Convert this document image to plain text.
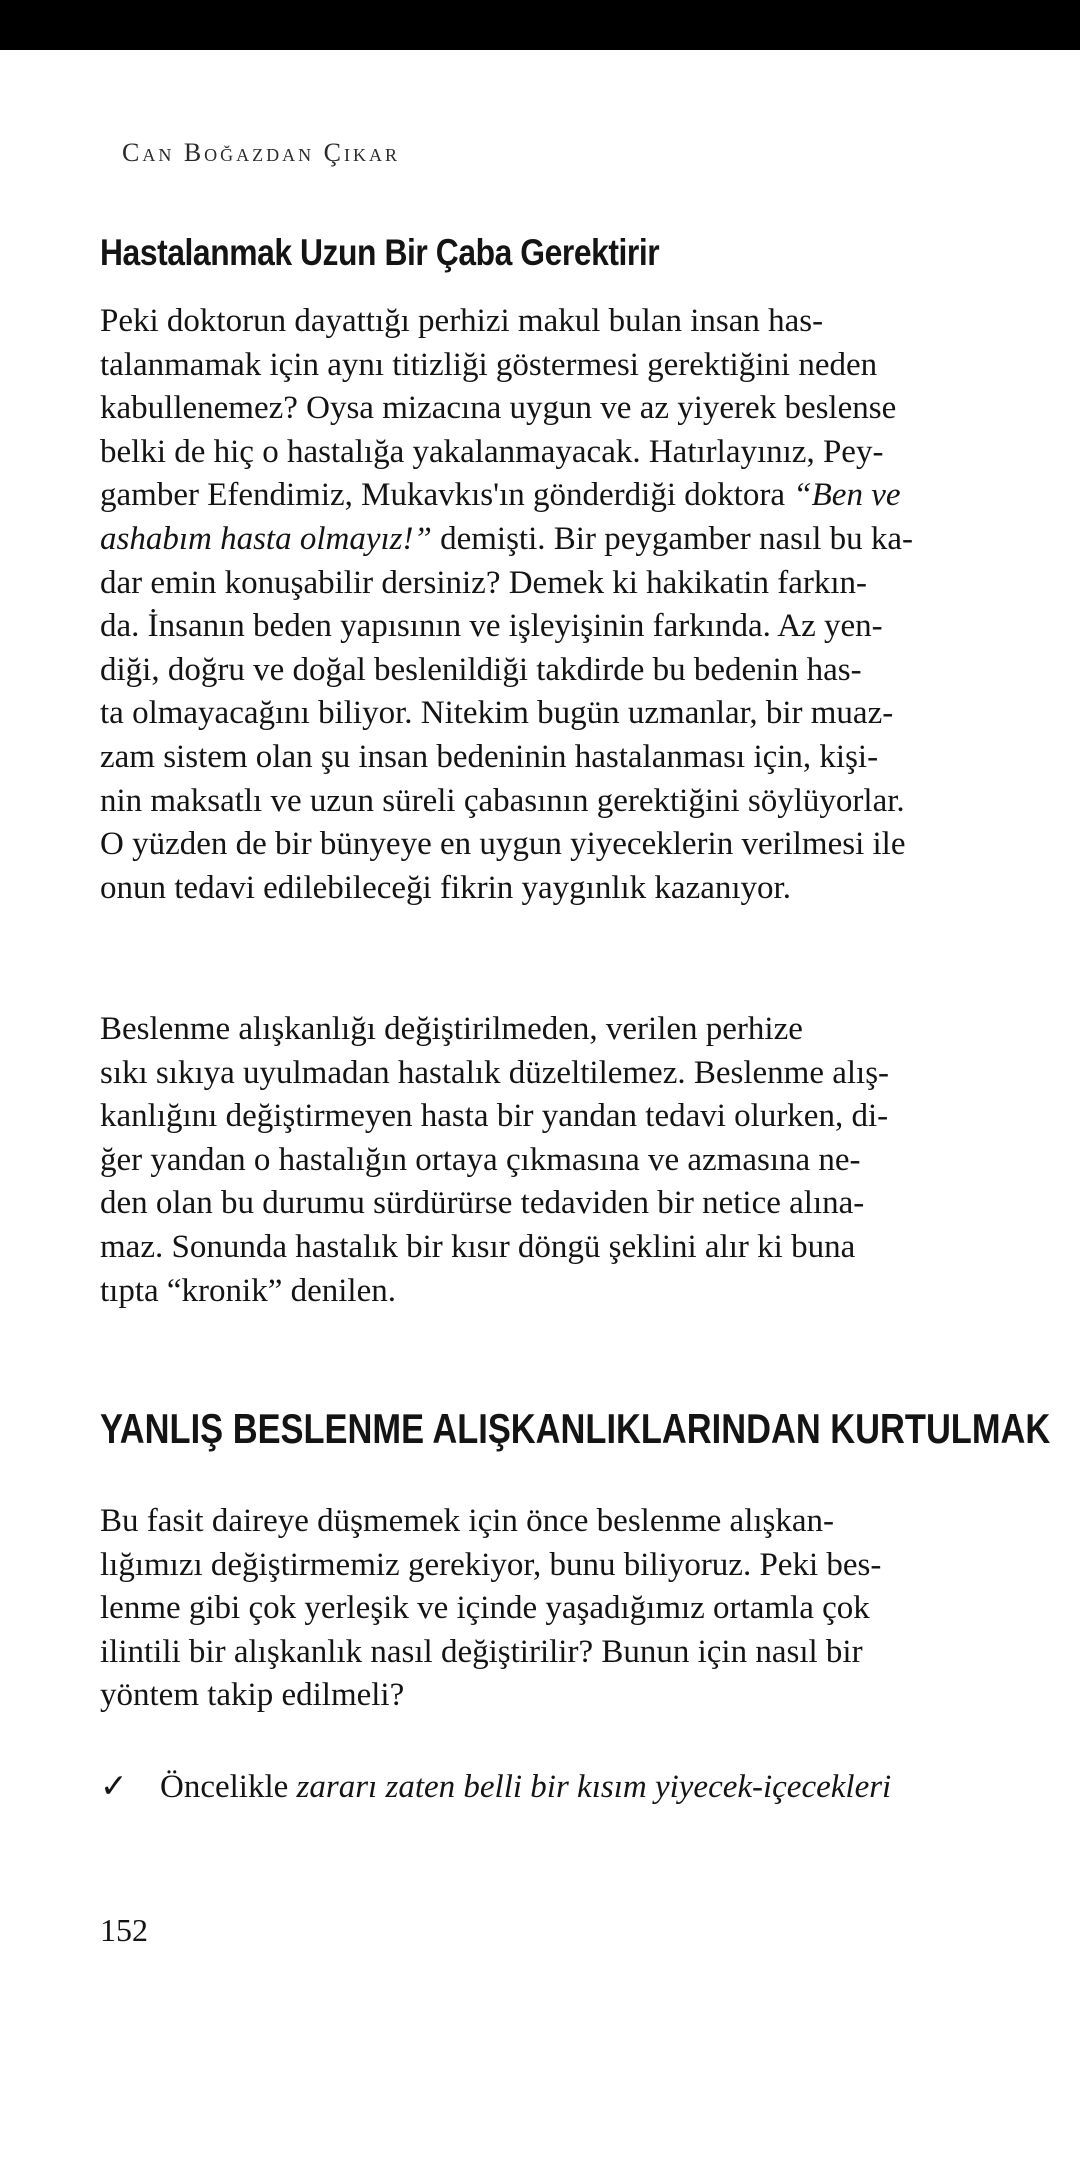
Can Boğazdan Çıkar
Hastalanmak Uzun Bir Çaba Gerektirir

Peki doktorun dayattığı perhizi makul bulan insan has-

talanmamak için aynı titizliği göstermesi gerektiğini neden

kabullenemez? Oysa mizacına uygun ve az yiyerek beslense

belki de hiç o hastalığa yakalanmayacak. Hatırlayınız, Pey-

gamber Efendimiz, Mukavkıs'ın gönderdiği doktora “Ben ve

ashabım hasta olmayız!” demişti. Bir peygamber nasıl bu ka-

dar emin konuşabilir dersiniz? Demek ki hakikatin farkın-

da. İnsanın beden yapısının ve işleyişinin farkında. Az yen-

diği, doğru ve doğal beslenildiği takdirde bu bedenin has-

ta olmayacağını biliyor. Nitekim bugün uzmanlar, bir muaz-

zam sistem olan şu insan bedeninin hastalanması için, kişi-

nin maksatlı ve uzun süreli çabasının gerektiğini söylüyorlar.

O yüzden de bir bünyeye en uygun yiyeceklerin verilmesi ile

onun tedavi edilebileceği fikrin yaygınlık kazanıyor.

Beslenme alışkanlığı değiştirilmeden, verilen perhize

sıkı sıkıya uyulmadan hastalık düzeltilemez. Beslenme alış-

kanlığını değiştirmeyen hasta bir yandan tedavi olurken, di-

ğer yandan o hastalığın ortaya çıkmasına ve azmasına ne-

den olan bu durumu sürdürürse tedaviden bir netice alına-

maz. Sonunda hastalık bir kısır döngü şeklini alır ki buna

tıpta “kronik” denilen.

YANLIŞ BESLENME ALIŞKANLIKLARINDAN KURTULMAK

Bu fasit daireye düşmemek için önce beslenme alışkan-

lığımızı değiştirmemiz gerekiyor, bunu biliyoruz. Peki bes-

lenme gibi çok yerleşik ve içinde yaşadığımız ortamla çok

ilintili bir alışkanlık nasıl değiştirilir? Bunun için nasıl bir

yöntem takip edilmeli?

✓ Öncelikle zararı zaten belli bir kısım yiyecek-içecekleri
152
